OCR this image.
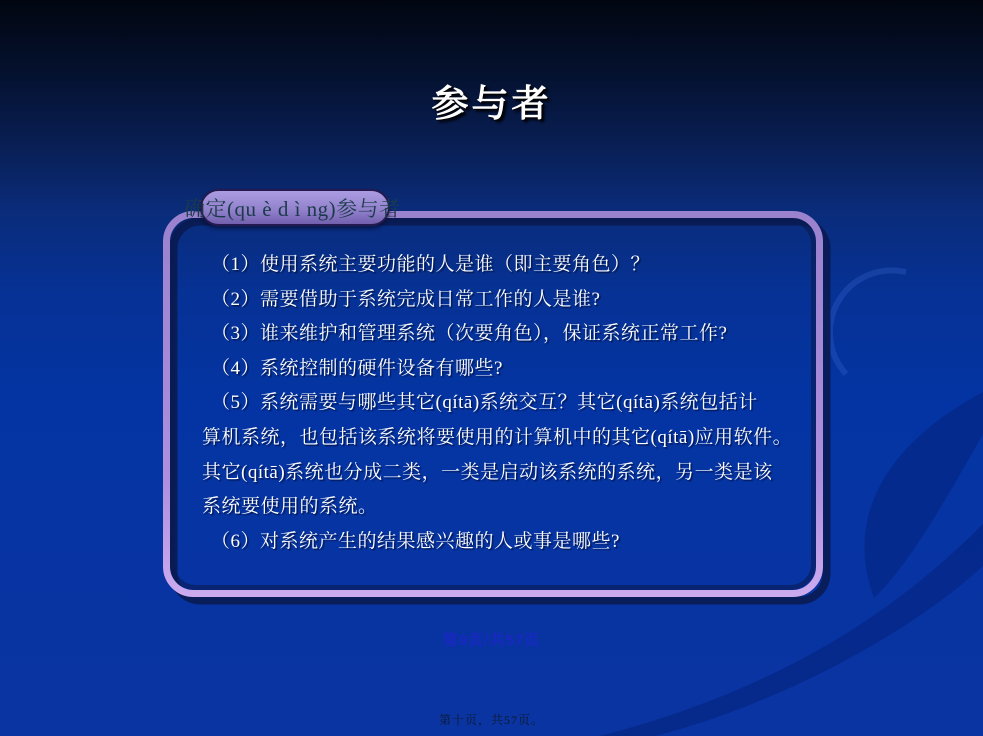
参与者
确定(qu è d ì ng)参与者
（1）使用系统主要功能的人是谁（即主要角色）？
（2）需要借助于系统完成日常工作的人是谁?
（3）谁来维护和管理系统（次要角色），保证系统正常工作?
（4）系统控制的硬件设备有哪些?
（5）系统需要与哪些其它(qítā)系统交互？其它(qítā)系统包括计
算机系统，也包括该系统将要使用的计算机中的其它(qítā)应用软件。
其它(qítā)系统也分成二类，一类是启动该系统的系统，另一类是该
系统要使用的系统。
（6）对系统产生的结果感兴趣的人或事是哪些?
第9页/共57页
第十页，共57页。
